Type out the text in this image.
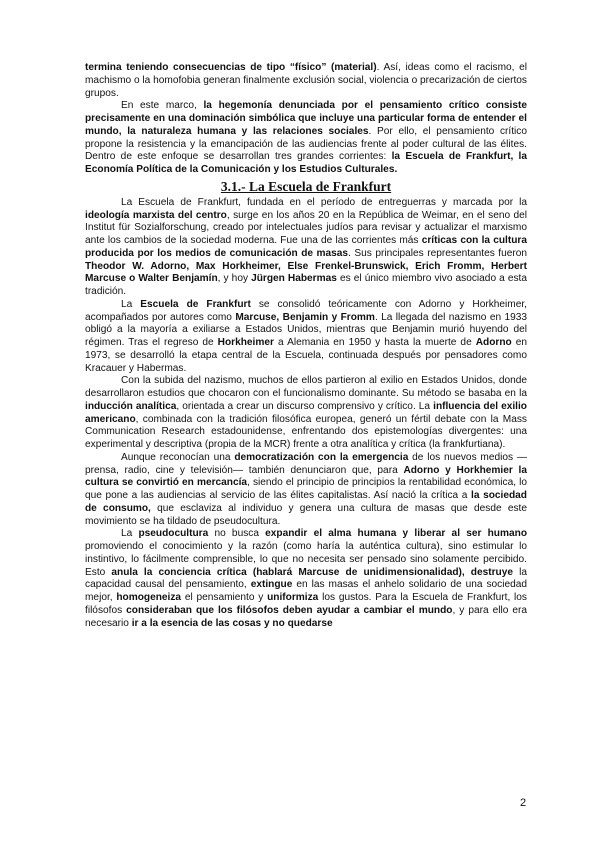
termina teniendo consecuencias de tipo “físico” (material). Así, ideas como el racismo, el machismo o la homofobia generan finalmente exclusión social, violencia o precarización de ciertos grupos.

En este marco, la hegemonía denunciada por el pensamiento crítico consiste precisamente en una dominación simbólica que incluye una particular forma de entender el mundo, la naturaleza humana y las relaciones sociales. Por ello, el pensamiento crítico propone la resistencia y la emancipación de las audiencias frente al poder cultural de las élites. Dentro de este enfoque se desarrollan tres grandes corrientes: la Escuela de Frankfurt, la Economía Política de la Comunicación y los Estudios Culturales.

3.1.- La Escuela de Frankfurt

La Escuela de Frankfurt, fundada en el período de entreguerras y marcada por la ideología marxista del centro, surge en los años 20 en la República de Weimar, en el seno del Institut für Sozialforschung, creado por intelectuales judíos para revisar y actualizar el marxismo ante los cambios de la sociedad moderna. Fue una de las corrientes más críticas con la cultura producida por los medios de comunicación de masas. Sus principales representantes fueron Theodor W. Adorno, Max Horkheimer, Else Frenkel-Brunswick, Erich Fromm, Herbert Marcuse o Walter Benjamín, y hoy Jürgen Habermas es el único miembro vivo asociado a esta tradición.

La Escuela de Frankfurt se consolidó teóricamente con Adorno y Horkheimer, acompañados por autores como Marcuse, Benjamin y Fromm. La llegada del nazismo en 1933 obligó a la mayoría a exiliarse a Estados Unidos, mientras que Benjamin murió huyendo del régimen. Tras el regreso de Horkheimer a Alemania en 1950 y hasta la muerte de Adorno en 1973, se desarrolló la etapa central de la Escuela, continuada después por pensadores como Kracauer y Habermas.

Con la subida del nazismo, muchos de ellos partieron al exilio en Estados Unidos, donde desarrollaron estudios que chocaron con el funcionalismo dominante. Su método se basaba en la inducción analítica, orientada a crear un discurso comprensivo y crítico. La influencia del exilio americano, combinada con la tradición filosófica europea, generó un fértil debate con la Mass Communication Research estadounidense, enfrentando dos epistemologías divergentes: una experimental y descriptiva (propia de la MCR) frente a otra analítica y crítica (la frankfurtiana).

Aunque reconocían una democratización con la emergencia de los nuevos medios —prensa, radio, cine y televisión— también denunciaron que, para Adorno y Horkhemier la cultura se convirtió en mercancía, siendo el principio de principios la rentabilidad económica, lo que pone a las audiencias al servicio de las élites capitalistas. Así nació la crítica a la sociedad de consumo, que esclaviza al individuo y genera una cultura de masas que desde este movimiento se ha tildado de pseudocultura.

La pseudocultura no busca expandir el alma humana y liberar al ser humano promoviendo el conocimiento y la razón (como haría la auténtica cultura), sino estimular lo instintivo, lo fácilmente comprensible, lo que no necesita ser pensado sino solamente percibido. Esto anula la conciencia crítica (hablará Marcuse de unidimensionalidad), destruye la capacidad causal del pensamiento, extingue en las masas el anhelo solidario de una sociedad mejor, homogeneiza el pensamiento y uniformiza los gustos. Para la Escuela de Frankfurt, los filósofos consideraban que los filósofos deben ayudar a cambiar el mundo, y para ello era necesario ir a la esencia de las cosas y no quedarse

2
